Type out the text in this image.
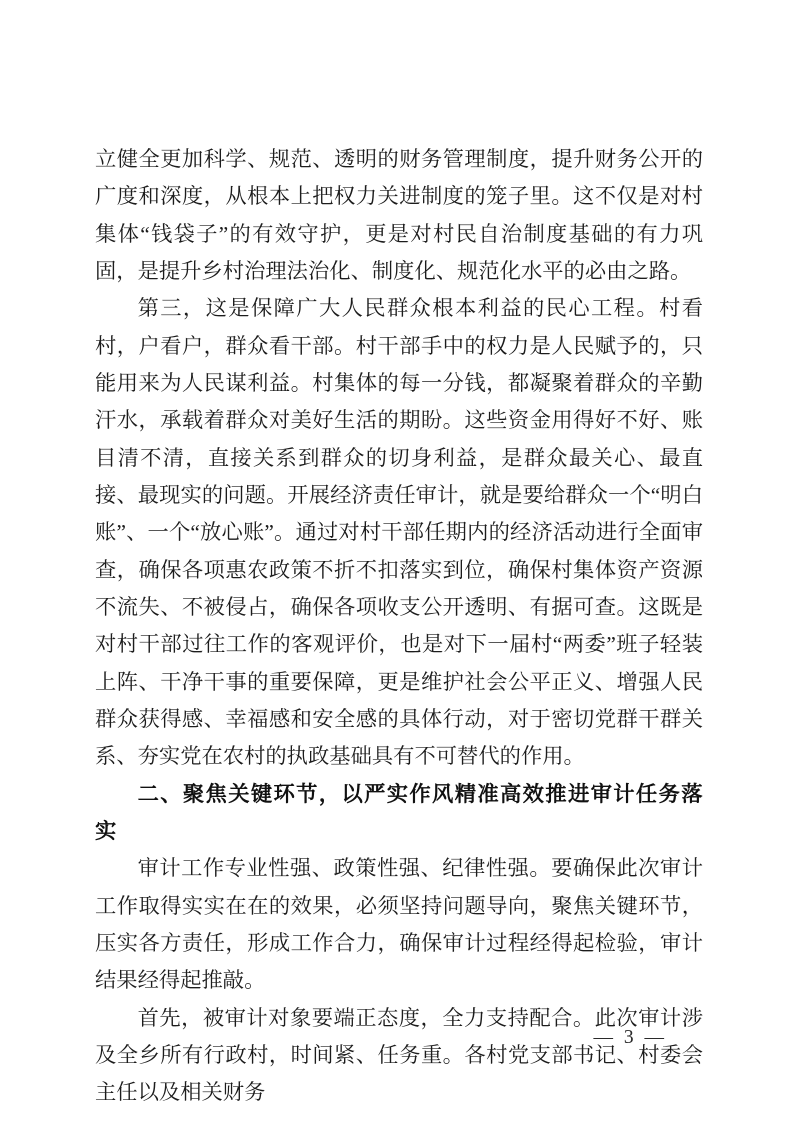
立健全更加科学、规范、透明的财务管理制度，提升财务公开的广度和深度，从根本上把权力关进制度的笼子里。这不仅是对村集体“钱袋子”的有效守护，更是对村民自治制度基础的有力巩固，是提升乡村治理法治化、制度化、规范化水平的必由之路。

第三，这是保障广大人民群众根本利益的民心工程。村看村，户看户，群众看干部。村干部手中的权力是人民赋予的，只能用来为人民谋利益。村集体的每一分钱，都凝聚着群众的辛勤汗水，承载着群众对美好生活的期盼。这些资金用得好不好、账目清不清，直接关系到群众的切身利益，是群众最关心、最直接、最现实的问题。开展经济责任审计，就是要给群众一个“明白账”、一个“放心账”。通过对村干部任期内的经济活动进行全面审查，确保各项惠农政策不折不扣落实到位，确保村集体资产资源不流失、不被侵占，确保各项收支公开透明、有据可查。这既是对村干部过往工作的客观评价，也是对下一届村“两委”班子轻装上阵、干净干事的重要保障，更是维护社会公平正义、增强人民群众获得感、幸福感和安全感的具体行动，对于密切党群干群关系、夯实党在农村的执政基础具有不可替代的作用。

二、聚焦关键环节，以严实作风精准高效推进审计任务落实

审计工作专业性强、政策性强、纪律性强。要确保此次审计工作取得实实在在的效果，必须坚持问题导向，聚焦关键环节，压实各方责任，形成工作合力，确保审计过程经得起检验，审计结果经得起推敲。

首先，被审计对象要端正态度，全力支持配合。此次审计涉及全乡所有行政村，时间紧、任务重。各村党支部书记、村委会主任以及相关财务

— 3 —
